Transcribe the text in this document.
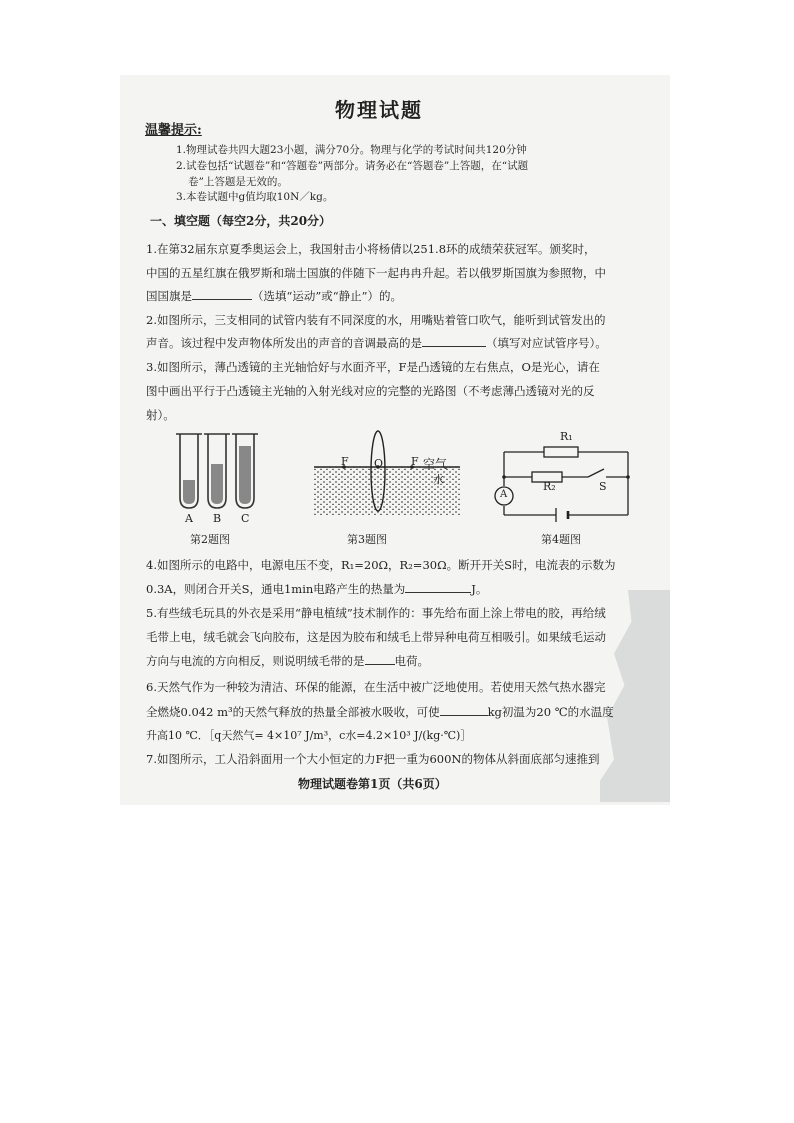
物理试题
温馨提示:
1.物理试卷共四大题23小题，满分70分。物理与化学的考试时间共120分钟
2.试卷包括“试题卷”和“答题卷”两部分。请务必在“答题卷”上答题，在“试题
卷”上答题是无效的。
3.本卷试题中g值均取10N／kg。
一、填空题（每空2分，共20分）
1.在第32届东京夏季奥运会上，我国射击小将杨倩以251.8环的成绩荣获冠军。颁奖时，
中国的五星红旗在俄罗斯和瑞士国旗的伴随下一起冉冉升起。若以俄罗斯国旗为参照物，中
国国旗是	（选填“运动”或“静止”）的。
2.如图所示，三支相同的试管内装有不同深度的水，用嘴贴着管口吹气，能听到试管发出的
声音。该过程中发声物体所发出的声音的音调最高的是	（填写对应试管序号）。
3.如图所示，薄凸透镜的主光轴恰好与水面齐平，F是凸透镜的左右焦点，O是光心，请在
图中画出平行于凸透镜主光轴的入射光线对应的完整的光路图（不考虑薄凸透镜对光的反
射）。
A B C
第2题图
F O	F 空气
水
第3题图
R₁
R₂	S
A
第4题图
4.如图所示的电路中，电源电压不变，R₁=20Ω，R₂=30Ω。断开开关S时，电流表的示数为
0.3A，则闭合开关S，通电1min电路产生的热量为	J。
5.有些绒毛玩具的外衣是采用“静电植绒”技术制作的：事先给布面上涂上带电的胶，再给绒
毛带上电，绒毛就会飞向胶布，这是因为胶布和绒毛上带异种电荷互相吸引。如果绒毛运动
方向与电流的方向相反，则说明绒毛带的是	电荷。
6.天然气作为一种较为清洁、环保的能源，在生活中被广泛地使用。若使用天然气热水器完
全燃烧0.042 m³的天然气释放的热量全部被水吸收，可使	kg初温为20 ℃的水温度
升高10 ℃．［q天然气= 4×10⁷ J/m³，c水=4.2×10³ J/(kg·℃)］
7.如图所示，工人沿斜面用一个大小恒定的力F把一重为600N的物体从斜面底部匀速推到
物理试题卷第1页（共6页）
